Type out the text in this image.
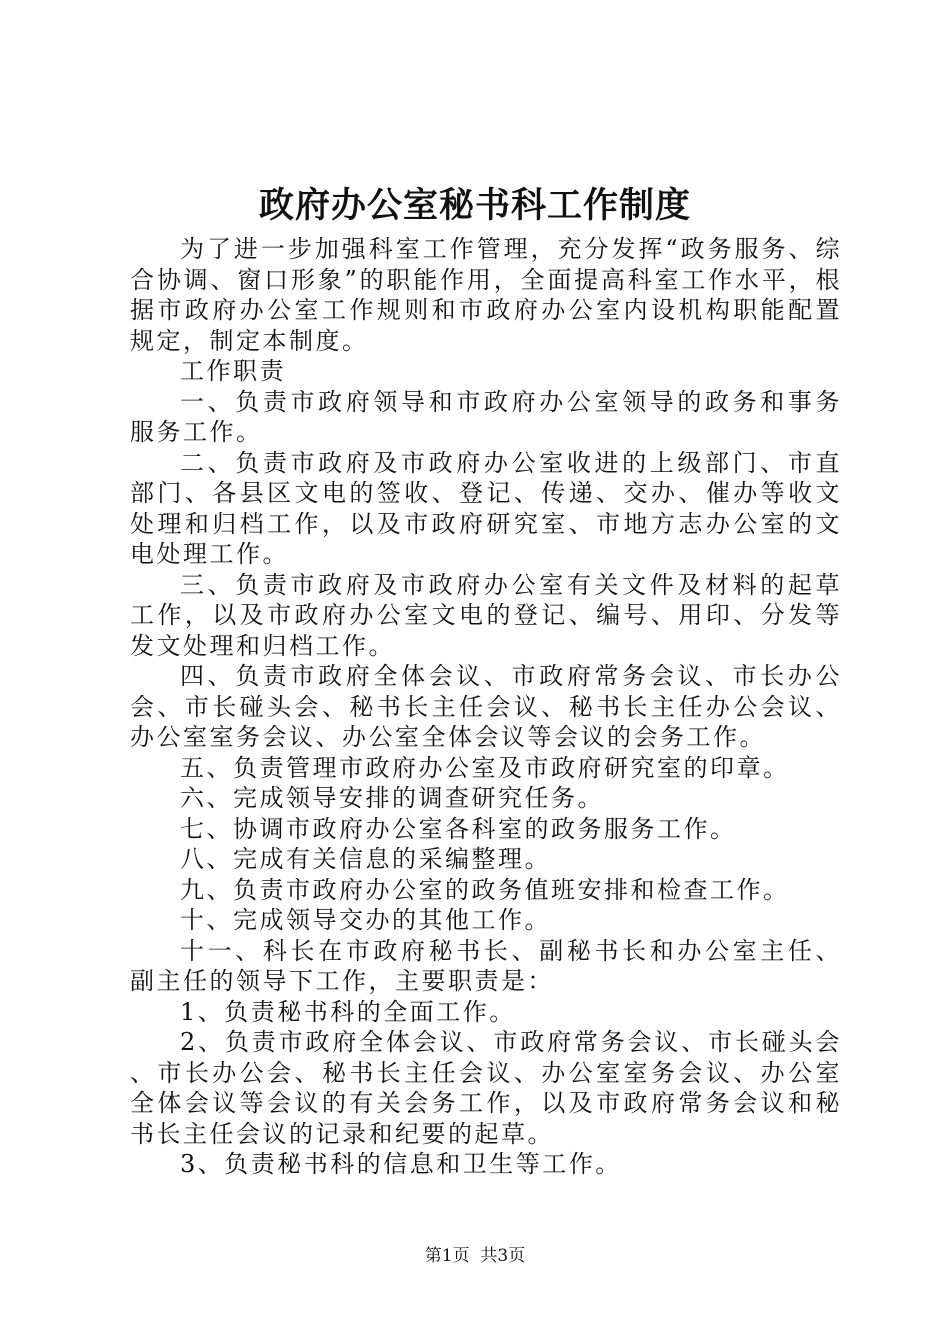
政府办公室秘书科工作制度

为了进一步加强科室工作管理，充分发挥“政务服务、综合协调、窗口形象”的职能作用，全面提高科室工作水平，根据市政府办公室工作规则和市政府办公室内设机构职能配置规定，制定本制度。

工作职责

一、负责市政府领导和市政府办公室领导的政务和事务服务工作。

二、负责市政府及市政府办公室收进的上级部门、市直部门、各县区文电的签收、登记、传递、交办、催办等收文处理和归档工作，以及市政府研究室、市地方志办公室的文电处理工作。

三、负责市政府及市政府办公室有关文件及材料的起草工作，以及市政府办公室文电的登记、编号、用印、分发等发文处理和归档工作。

四、负责市政府全体会议、市政府常务会议、市长办公会、市长碰头会、秘书长主任会议、秘书长主任办公会议、办公室室务会议、办公室全体会议等会议的会务工作。

五、负责管理市政府办公室及市政府研究室的印章。

六、完成领导安排的调查研究任务。

七、协调市政府办公室各科室的政务服务工作。

八、完成有关信息的采编整理。

九、负责市政府办公室的政务值班安排和检查工作。

十、完成领导交办的其他工作。

十一、科长在市政府秘书长、副秘书长和办公室主任、副主任的领导下工作，主要职责是：

1、负责秘书科的全面工作。

2、负责市政府全体会议、市政府常务会议、市长碰头会、市长办公会、秘书长主任会议、办公室室务会议、办公室全体会议等会议的有关会务工作，以及市政府常务会议和秘书长主任会议的记录和纪要的起草。

3、负责秘书科的信息和卫生等工作。

第1页 共3页
